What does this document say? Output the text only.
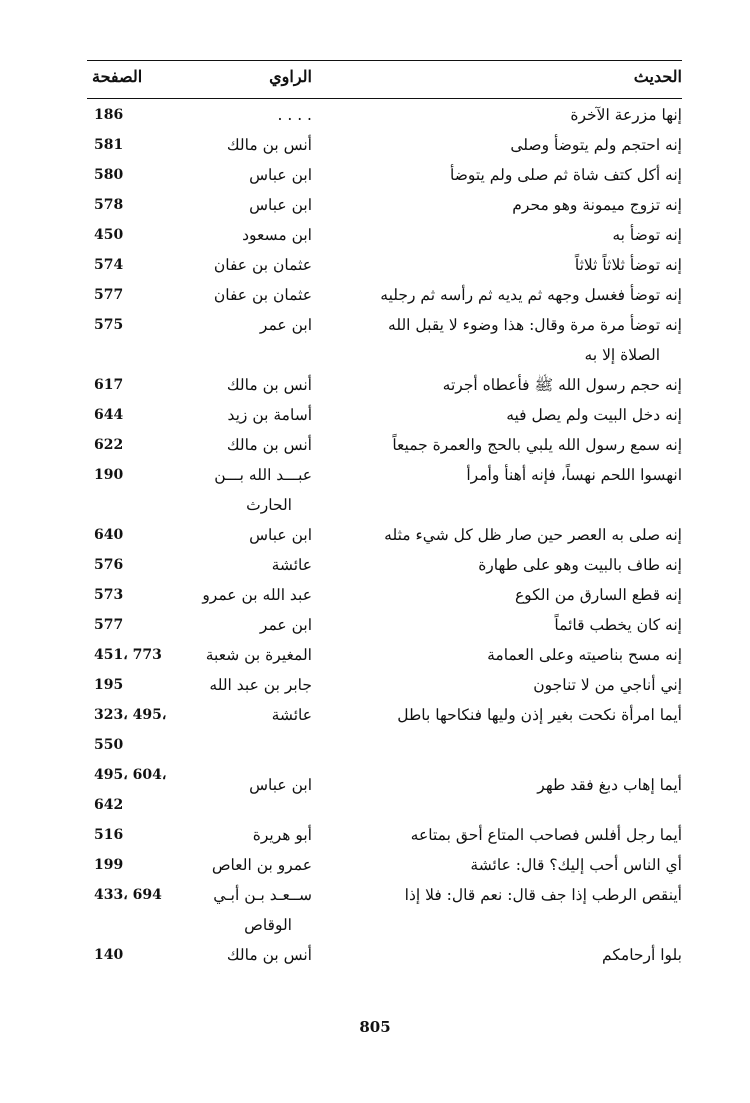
الحديث
الراوي
الصفحة
إنها مزرعة الآخرة
. . . .
186
إنه احتجم ولم يتوضأ وصلى
أنس بن مالك
581
إنه أكل كتف شاة ثم صلى ولم يتوضأ
ابن عباس
580
إنه تزوج ميمونة وهو محرم
ابن عباس
578
إنه توضأ به
ابن مسعود
450
إنه توضأ ثلاثاً ثلاثاً
عثمان بن عفان
574
إنه توضأ فغسل وجهه ثم يديه ثم رأسه ثم رجليه
عثمان بن عفان
577
إنه توضأ مرة مرة وقال: هذا وضوء لا يقبل الله
ابن عمر
575
الصلاة إلا به
إنه حجم رسول الله ﷺ فأعطاه أجرته
أنس بن مالك
617
إنه دخل البيت ولم يصل فيه
أسامة بن زيد
644
إنه سمع رسول الله يلبي بالحج والعمرة جميعاً
أنس بن مالك
622
انهسوا اللحم نهساً، فإنه أهنأ وأمرأ
عبـــد الله بـــن
190
الحارث
إنه صلى به العصر حين صار ظل كل شيء مثله
ابن عباس
640
إنه طاف بالبيت وهو على طهارة
عائشة
576
إنه قطع السارق من الكوع
عبد الله بن عمرو
573
إنه كان يخطب قائماً
ابن عمر
577
إنه مسح بناصيته وعلى العمامة
المغيرة بن شعبة
451، 773
إني أناجي من لا تناجون
جابر بن عبد الله
195
أيما امرأة نكحت بغير إذن وليها فنكاحها باطل
عائشة
323، 495،
550
أيما إهاب دبغ فقد طهر
ابن عباس
495، 604،
642
أيما رجل أفلس فصاحب المتاع أحق بمتاعه
أبو هريرة
516
أي الناس أحب إليك؟ قال: عائشة
عمرو بن العاص
199
أينقص الرطب إذا جف قال: نعم قال: فلا إذا
ســعـد بـن أبـي
433، 694
الوقاص
بلوا أرحامكم
أنس بن مالك
140
805
